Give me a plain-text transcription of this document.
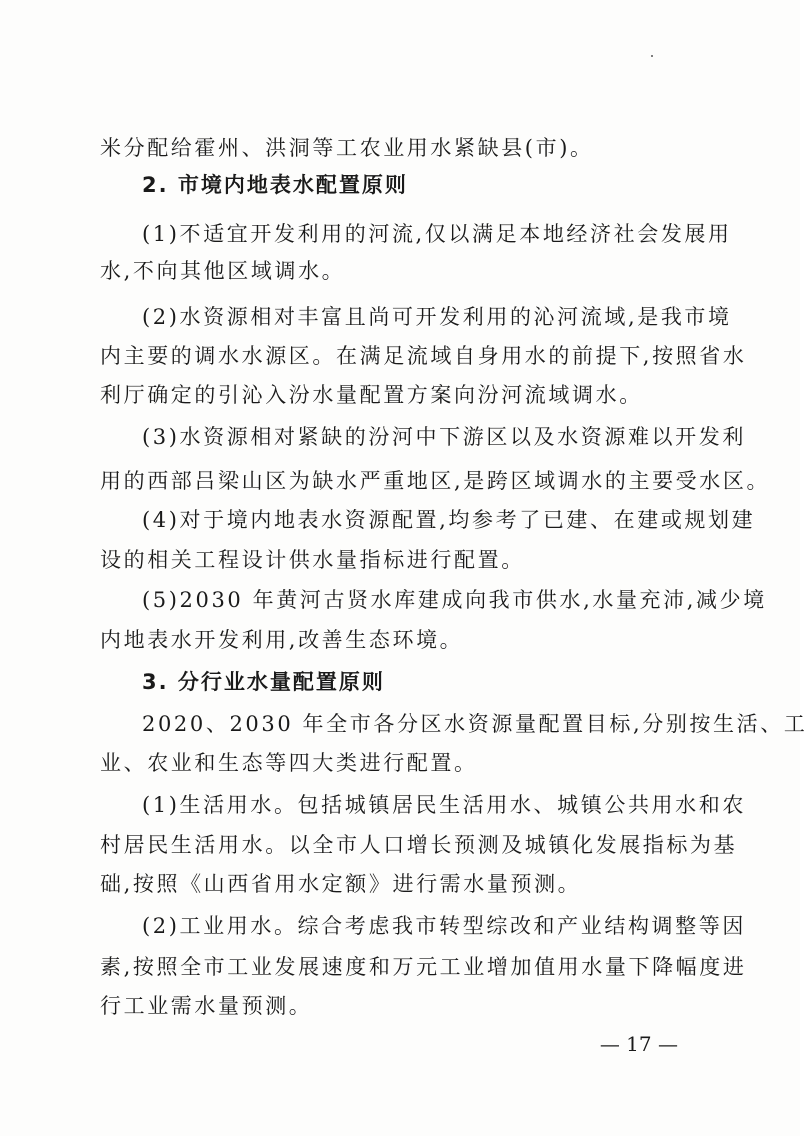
米分配给霍州、洪洞等工农业用水紧缺县(市)。
2. 市境内地表水配置原则
(1)不适宜开发利用的河流,仅以满足本地经济社会发展用
水,不向其他区域调水。
(2)水资源相对丰富且尚可开发利用的沁河流域,是我市境
内主要的调水水源区。在满足流域自身用水的前提下,按照省水
利厅确定的引沁入汾水量配置方案向汾河流域调水。
(3)水资源相对紧缺的汾河中下游区以及水资源难以开发利
用的西部吕梁山区为缺水严重地区,是跨区域调水的主要受水区。
(4)对于境内地表水资源配置,均参考了已建、在建或规划建
设的相关工程设计供水量指标进行配置。
(5)2030 年黄河古贤水库建成向我市供水,水量充沛,减少境
内地表水开发利用,改善生态环境。
3. 分行业水量配置原则
2020、2030 年全市各分区水资源量配置目标,分别按生活、工
业、农业和生态等四大类进行配置。
(1)生活用水。包括城镇居民生活用水、城镇公共用水和农
村居民生活用水。以全市人口增长预测及城镇化发展指标为基
础,按照《山西省用水定额》进行需水量预测。
(2)工业用水。综合考虑我市转型综改和产业结构调整等因
素,按照全市工业发展速度和万元工业增加值用水量下降幅度进
行工业需水量预测。
— 17 —
